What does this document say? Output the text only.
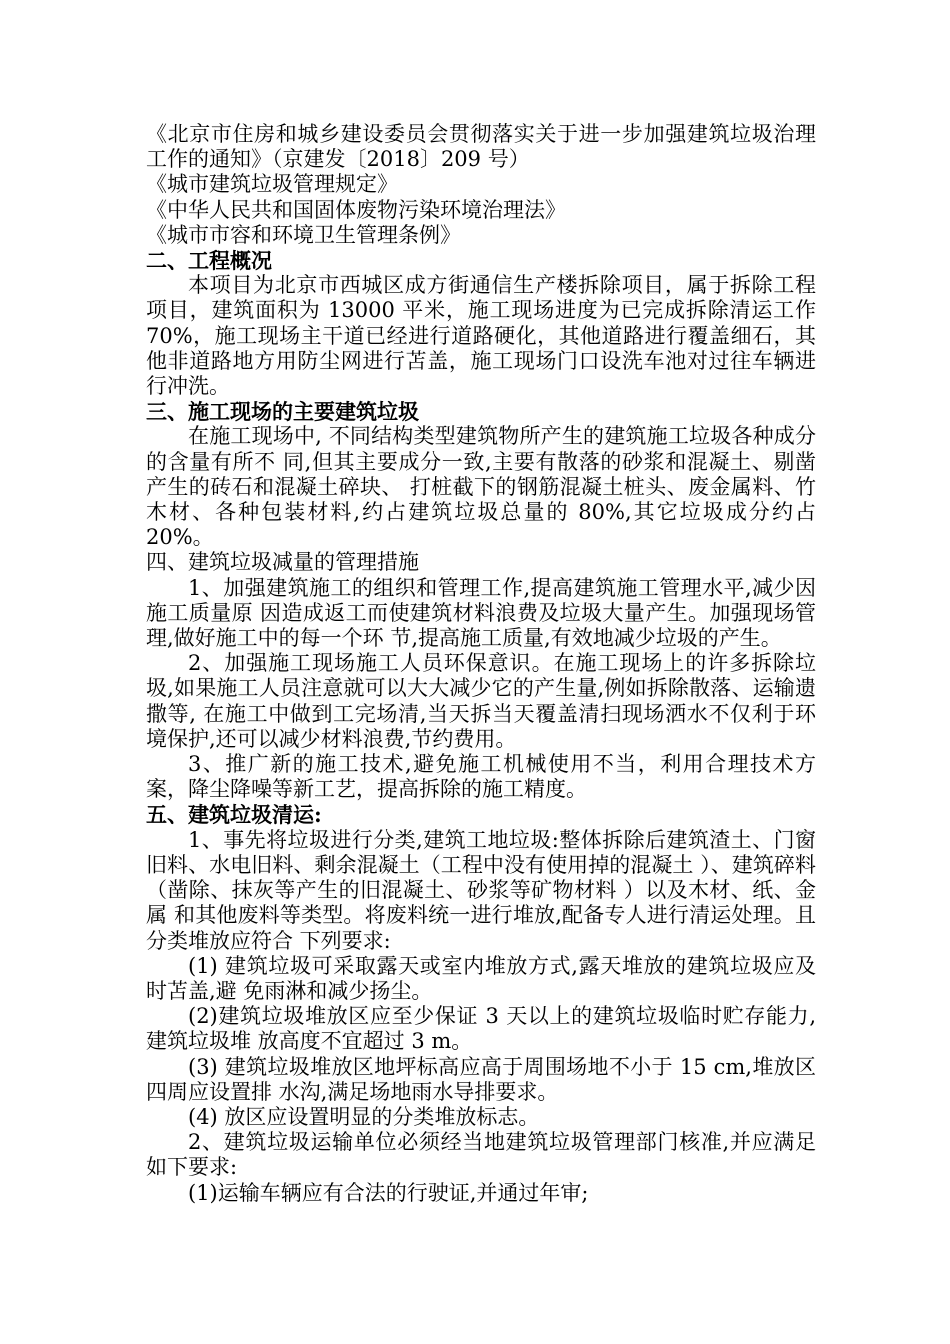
《北京市住房和城乡建设委员会贯彻落实关于进一步加强建筑垃圾治理工作的通知》（京建发〔2018〕209 号）

《城市建筑垃圾管理规定》

《中华人民共和国固体废物污染环境治理法》

《城市市容和环境卫生管理条例》

二、工程概况

本项目为北京市西城区成方街通信生产楼拆除项目，属于拆除工程项目，建筑面积为 13000 平米，施工现场进度为已完成拆除清运工作 70%，施工现场主干道已经进行道路硬化，其他道路进行覆盖细石，其他非道路地方用防尘网进行苫盖，施工现场门口设洗车池对过往车辆进行冲洗。

三、施工现场的主要建筑垃圾

在施工现场中, 不同结构类型建筑物所产生的建筑施工垃圾各种成分的含量有所不 同,但其主要成分一致,主要有散落的砂浆和混凝土、剔凿产生的砖石和混凝土碎块、 打桩截下的钢筋混凝土桩头、废金属料、竹木材、各种包装材料,约占建筑垃圾总量的 80%,其它垃圾成分约占 20%。

四、建筑垃圾减量的管理措施

1、加强建筑施工的组织和管理工作,提高建筑施工管理水平,减少因施工质量原 因造成返工而使建筑材料浪费及垃圾大量产生。加强现场管理,做好施工中的每一个环 节,提高施工质量,有效地减少垃圾的产生。

2、加强施工现场施工人员环保意识。在施工现场上的许多拆除垃圾,如果施工人员注意就可以大大减少它的产生量,例如拆除散落、运输遗撒等, 在施工中做到工完场清,当天拆当天覆盖清扫现场洒水不仅利于环境保护,还可以减少材料浪费,节约费用。

3、推广新的施工技术,避免施工机械使用不当，利用合理技术方案，降尘降噪等新工艺，提高拆除的施工精度。

五、建筑垃圾清运:

1、事先将垃圾进行分类,建筑工地垃圾:整体拆除后建筑渣土、门窗旧料、水电旧料、剩余混凝土（工程中没有使用掉的混凝土 ）、建筑碎料（凿除、抹灰等产生的旧混凝土、砂浆等矿物材料 ）以及木材、纸、金属 和其他废料等类型。将废料统一进行堆放,配备专人进行清运处理。且分类堆放应符合 下列要求:

(1) 建筑垃圾可采取露天或室内堆放方式,露天堆放的建筑垃圾应及时苫盖,避 免雨淋和减少扬尘。

(2)建筑垃圾堆放区应至少保证 3 天以上的建筑垃圾临时贮存能力,建筑垃圾堆 放高度不宜超过 3 m。

(3) 建筑垃圾堆放区地坪标高应高于周围场地不小于 15 cm,堆放区四周应设置排 水沟,满足场地雨水导排要求。

(4) 放区应设置明显的分类堆放标志。

2、建筑垃圾运输单位必须经当地建筑垃圾管理部门核准,并应满足如下要求:

(1)运输车辆应有合法的行驶证,并通过年审;
